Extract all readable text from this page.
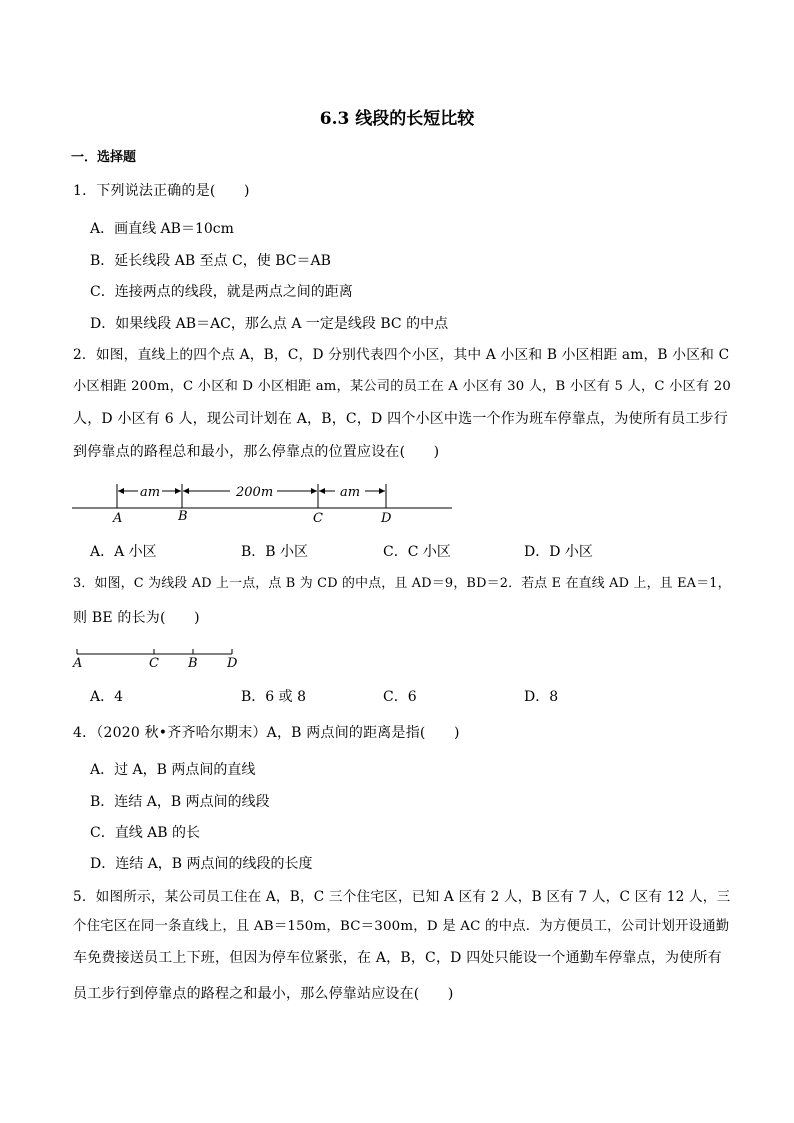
6.3 线段的长短比较
一．选择题
1．下列说法正确的是(　　)
A．画直线 AB＝10cm
B．延长线段 AB 至点 C，使 BC＝AB
C．连接两点的线段，就是两点之间的距离
D．如果线段 AB＝AC，那么点 A 一定是线段 BC 的中点
2．如图，直线上的四个点 A，B，C，D 分别代表四个小区，其中 A 小区和 B 小区相距 am，B 小区和 C
小区相距 200m，C 小区和 D 小区相距 am，某公司的员工在 A 小区有 30 人，B 小区有 5 人，C 小区有 20
人，D 小区有 6 人，现公司计划在 A，B，C，D 四个小区中选一个作为班车停靠点，为使所有员工步行
到停靠点的路程总和最小，那么停靠点的位置应设在(　　)
am	200m	am
A	B	C	D
A．A 小区	B．B 小区	C．C 小区	D．D 小区
3．如图，C 为线段 AD 上一点，点 B 为 CD 的中点，且 AD＝9，BD＝2．若点 E 在直线 AD 上，且 EA＝1，
则 BE 的长为(　　)
A	C B D
A．4	B．6 或 8	C．6	D．8
4．（2020 秋•齐齐哈尔期末）A，B 两点间的距离是指(　　)
A．过 A，B 两点间的直线
B．连结 A，B 两点间的线段
C．直线 AB 的长
D．连结 A，B 两点间的线段的长度
5．如图所示，某公司员工住在 A，B，C 三个住宅区，已知 A 区有 2 人，B 区有 7 人，C 区有 12 人，三
个住宅区在同一条直线上，且 AB＝150m，BC＝300m，D 是 AC 的中点．为方便员工，公司计划开设通勤
车免费接送员工上下班，但因为停车位紧张，在 A，B，C，D 四处只能设一个通勤车停靠点，为使所有
员工步行到停靠点的路程之和最小，那么停靠站应设在(　　)
